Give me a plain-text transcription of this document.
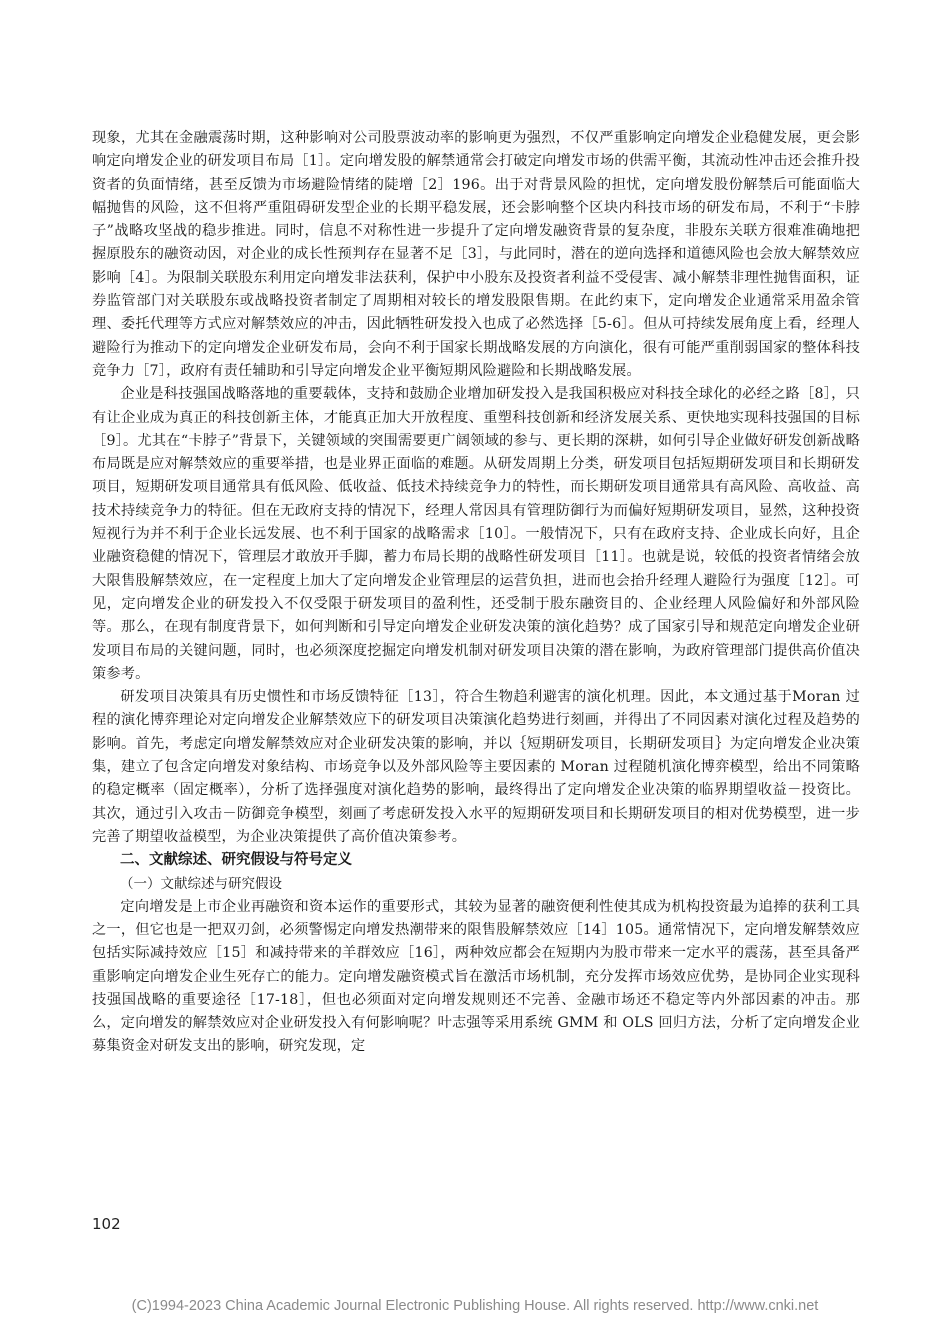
现象，尤其在金融震荡时期，这种影响对公司股票波动率的影响更为强烈，不仅严重影响定向增发企业稳健发展，更会影响定向增发企业的研发项目布局［1］。定向增发股的解禁通常会打破定向增发市场的供需平衡，其流动性冲击还会推升投资者的负面情绪，甚至反馈为市场避险情绪的陡增［2］196。出于对背景风险的担忧，定向增发股份解禁后可能面临大幅抛售的风险，这不但将严重阻碍研发型企业的长期平稳发展，还会影响整个区块内科技市场的研发布局，不利于“卡脖子”战略攻坚战的稳步推进。同时，信息不对称性进一步提升了定向增发融资背景的复杂度，非股东关联方很难准确地把握原股东的融资动因，对企业的成长性预判存在显著不足［3］，与此同时，潜在的逆向选择和道德风险也会放大解禁效应影响［4］。为限制关联股东利用定向增发非法获利，保护中小股东及投资者利益不受侵害、减小解禁非理性抛售面积，证券监管部门对关联股东或战略投资者制定了周期相对较长的增发股限售期。在此约束下，定向增发企业通常采用盈余管理、委托代理等方式应对解禁效应的冲击，因此牺牲研发投入也成了必然选择［5-6］。但从可持续发展角度上看，经理人避险行为推动下的定向增发企业研发布局，会向不利于国家长期战略发展的方向演化，很有可能严重削弱国家的整体科技竞争力［7］，政府有责任辅助和引导定向增发企业平衡短期风险避险和长期战略发展。

企业是科技强国战略落地的重要载体，支持和鼓励企业增加研发投入是我国积极应对科技全球化的必经之路［8］，只有让企业成为真正的科技创新主体，才能真正加大开放程度、重塑科技创新和经济发展关系、更快地实现科技强国的目标［9］。尤其在“卡脖子”背景下，关键领域的突围需要更广阔领域的参与、更长期的深耕，如何引导企业做好研发创新战略布局既是应对解禁效应的重要举措，也是业界正面临的难题。从研发周期上分类，研发项目包括短期研发项目和长期研发项目，短期研发项目通常具有低风险、低收益、低技术持续竞争力的特性，而长期研发项目通常具有高风险、高收益、高技术持续竞争力的特征。但在无政府支持的情况下，经理人常因具有管理防御行为而偏好短期研发项目，显然，这种投资短视行为并不利于企业长远发展、也不利于国家的战略需求［10］。一般情况下，只有在政府支持、企业成长向好，且企业融资稳健的情况下，管理层才敢放开手脚，蓄力布局长期的战略性研发项目［11］。也就是说，较低的投资者情绪会放大限售股解禁效应，在一定程度上加大了定向增发企业管理层的运营负担，进而也会抬升经理人避险行为强度［12］。可见，定向增发企业的研发投入不仅受限于研发项目的盈利性，还受制于股东融资目的、企业经理人风险偏好和外部风险等。那么，在现有制度背景下，如何判断和引导定向增发企业研发决策的演化趋势？成了国家引导和规范定向增发企业研发项目布局的关键问题，同时，也必须深度挖掘定向增发机制对研发项目决策的潜在影响，为政府管理部门提供高价值决策参考。

研发项目决策具有历史惯性和市场反馈特征［13］，符合生物趋利避害的演化机理。因此，本文通过基于Moran 过程的演化博弈理论对定向增发企业解禁效应下的研发项目决策演化趋势进行刻画，并得出了不同因素对演化过程及趋势的影响。首先，考虑定向增发解禁效应对企业研发决策的影响，并以｛短期研发项目，长期研发项目｝为定向增发企业决策集，建立了包含定向增发对象结构、市场竞争以及外部风险等主要因素的 Moran 过程随机演化博弈模型，给出不同策略的稳定概率（固定概率），分析了选择强度对演化趋势的影响，最终得出了定向增发企业决策的临界期望收益－投资比。其次，通过引入攻击－防御竞争模型，刻画了考虑研发投入水平的短期研发项目和长期研发项目的相对优势模型，进一步完善了期望收益模型，为企业决策提供了高价值决策参考。

二、文献综述、研究假设与符号定义

（一）文献综述与研究假设

定向增发是上市企业再融资和资本运作的重要形式，其较为显著的融资便利性使其成为机构投资最为追捧的获利工具之一，但它也是一把双刃剑，必须警惕定向增发热潮带来的限售股解禁效应［14］105。通常情况下，定向增发解禁效应包括实际减持效应［15］和减持带来的羊群效应［16］，两种效应都会在短期内为股市带来一定水平的震荡，甚至具备严重影响定向增发企业生死存亡的能力。定向增发融资模式旨在激活市场机制，充分发挥市场效应优势，是协同企业实现科技强国战略的重要途径［17-18］，但也必须面对定向增发规则还不完善、金融市场还不稳定等内外部因素的冲击。那么，定向增发的解禁效应对企业研发投入有何影响呢？叶志强等采用系统 GMM 和 OLS 回归方法，分析了定向增发企业募集资金对研发支出的影响，研究发现，定

102
(C)1994-2023 China Academic Journal Electronic Publishing House. All rights reserved. http://www.cnki.net
